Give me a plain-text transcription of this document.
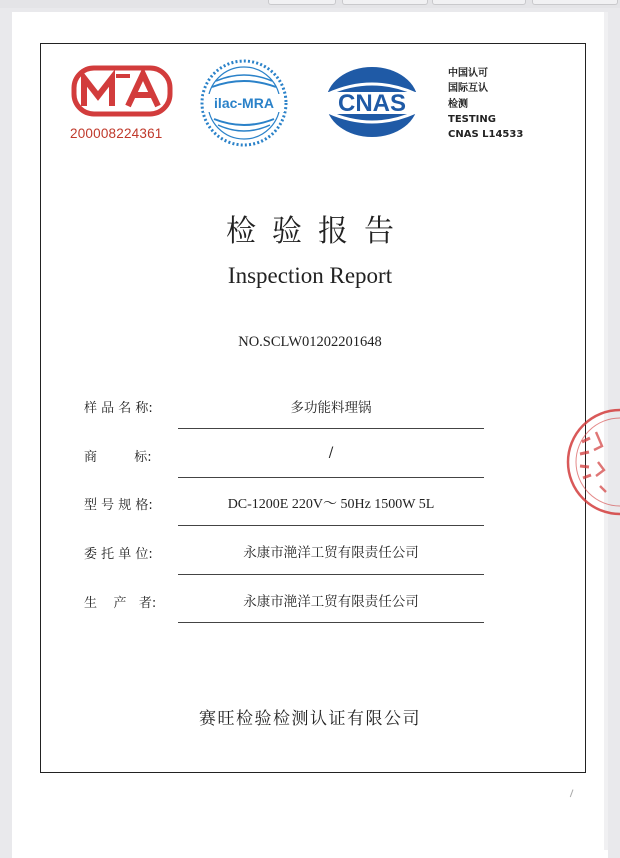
200008224361
ilac-MRA	CNAS
中国认可
国际互认
检测
TESTING
CNAS L14533
检验报告
Inspection Report
NO.SCLW01202201648
样 品 名 称:	多功能料理锅
商         标:	/
型 号 规 格:	DC-1200E 220V～ 50Hz 1500W 5L
委 托 单 位:	永康市滟洋工贸有限责任公司
生    产   者:	永康市滟洋工贸有限责任公司
赛旺检验检测认证有限公司
